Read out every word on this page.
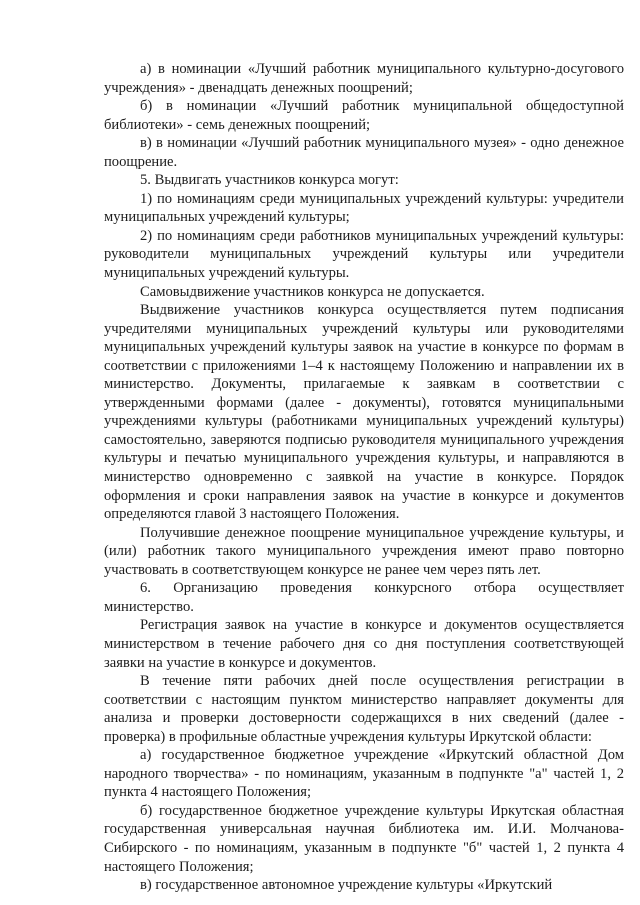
а) в номинации «Лучший работник муниципального культурно-досугового учреждения» - двенадцать денежных поощрений;

б) в номинации «Лучший работник муниципальной общедоступной библиотеки» - семь денежных поощрений;

в) в номинации «Лучший работник муниципального музея» - одно денежное поощрение.

5. Выдвигать участников конкурса могут:

1) по номинациям среди муниципальных учреждений культуры: учредители муниципальных учреждений культуры;

2) по номинациям среди работников муниципальных учреждений культуры: руководители муниципальных учреждений культуры или учредители муниципальных учреждений культуры.

Самовыдвижение участников конкурса не допускается.

Выдвижение участников конкурса осуществляется путем подписания учредителями муниципальных учреждений культуры или руководителями муниципальных учреждений культуры заявок на участие в конкурсе по формам в соответствии с приложениями 1–4 к настоящему Положению и направлении их в министерство. Документы, прилагаемые к заявкам в соответствии с утвержденными формами (далее - документы), готовятся муниципальными учреждениями культуры (работниками муниципальных учреждений культуры) самостоятельно, заверяются подписью руководителя муниципального учреждения культуры и печатью муниципального учреждения культуры, и направляются в министерство одновременно с заявкой на участие в конкурсе. Порядок оформления и сроки направления заявок на участие в конкурсе и документов определяются главой 3 настоящего Положения.

Получившие денежное поощрение муниципальное учреждение культуры, и (или) работник такого муниципального учреждения имеют право повторно участвовать в соответствующем конкурсе не ранее чем через пять лет.

6. Организацию проведения конкурсного отбора осуществляет министерство.

Регистрация заявок на участие в конкурсе и документов осуществляется министерством в течение рабочего дня со дня поступления соответствующей заявки на участие в конкурсе и документов.

В течение пяти рабочих дней после осуществления регистрации в соответствии с настоящим пунктом министерство направляет документы для анализа и проверки достоверности содержащихся в них сведений (далее - проверка) в профильные областные учреждения культуры Иркутской области:

а) государственное бюджетное учреждение «Иркутский областной Дом народного творчества» - по номинациям, указанным в подпункте "а" частей 1, 2 пункта 4 настоящего Положения;

б) государственное бюджетное учреждение культуры Иркутская областная государственная универсальная научная библиотека им. И.И. Молчанова-Сибирского - по номинациям, указанным в подпункте "б" частей 1, 2 пункта 4 настоящего Положения;

в) государственное автономное учреждение культуры «Иркутский
